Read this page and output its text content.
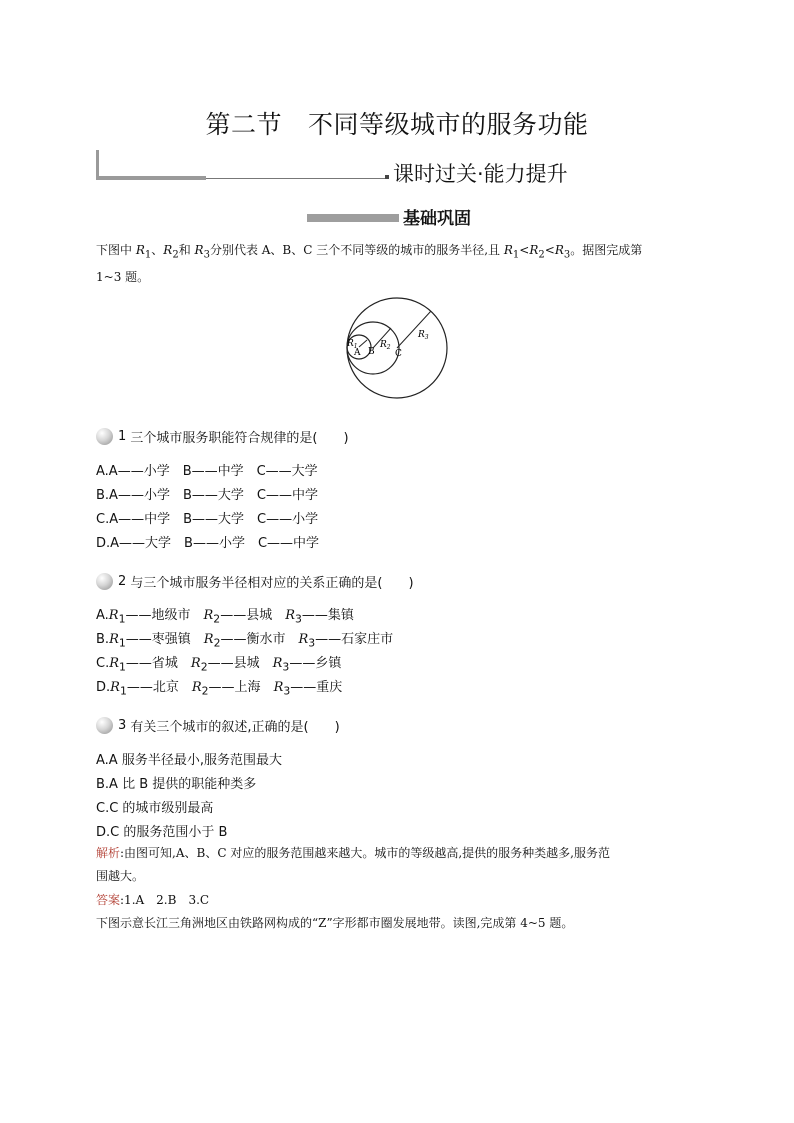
第二节 不同等级城市的服务功能
课时过关·能力提升
基础巩固
下图中 $R_1$、$R_2$和 $R_3$分别代表 A、B、C 三个不同等级的城市的服务半径,且 $R_1<R_2<R_3$。据图完成第
1~3 题。
$R_1$
A B
$R_2$
C
$R_3$
1
三个城市服务职能符合规律的是(　　)
A.A——小学　B——中学　C——大学
B.A——小学　B——大学　C——中学
C.A——中学　B——大学　C——小学
D.A——大学　B——小学　C——中学
2
与三个城市服务半径相对应的关系正确的是(　　)
$A.R_1——$地级市　$R_2——$县城　$R_3——$集镇
$B.R_1——$枣强镇　$R_2——$衡水市　$R_3——$石家庄市
$C.R_1——$省城　$R_2——$县城　$R_3——$乡镇
$D.R_1——$北京　$R_2——$上海　$R_3——$重庆
3
有关三个城市的叙述,正确的是(　　)
A.A 服务半径最小,服务范围最大
B.A 比 B 提供的职能种类多
C.C 的城市级别最高
D.C 的服务范围小于 B
解析:由图可知,A、B、C 对应的服务范围越来越大。城市的等级越高,提供的服务种类越多,服务范
围越大。
答案:1.A　2.B　3.C
下图示意长江三角洲地区由铁路网构成的“Z”字形都市圈发展地带。读图,完成第 4~5 题。
